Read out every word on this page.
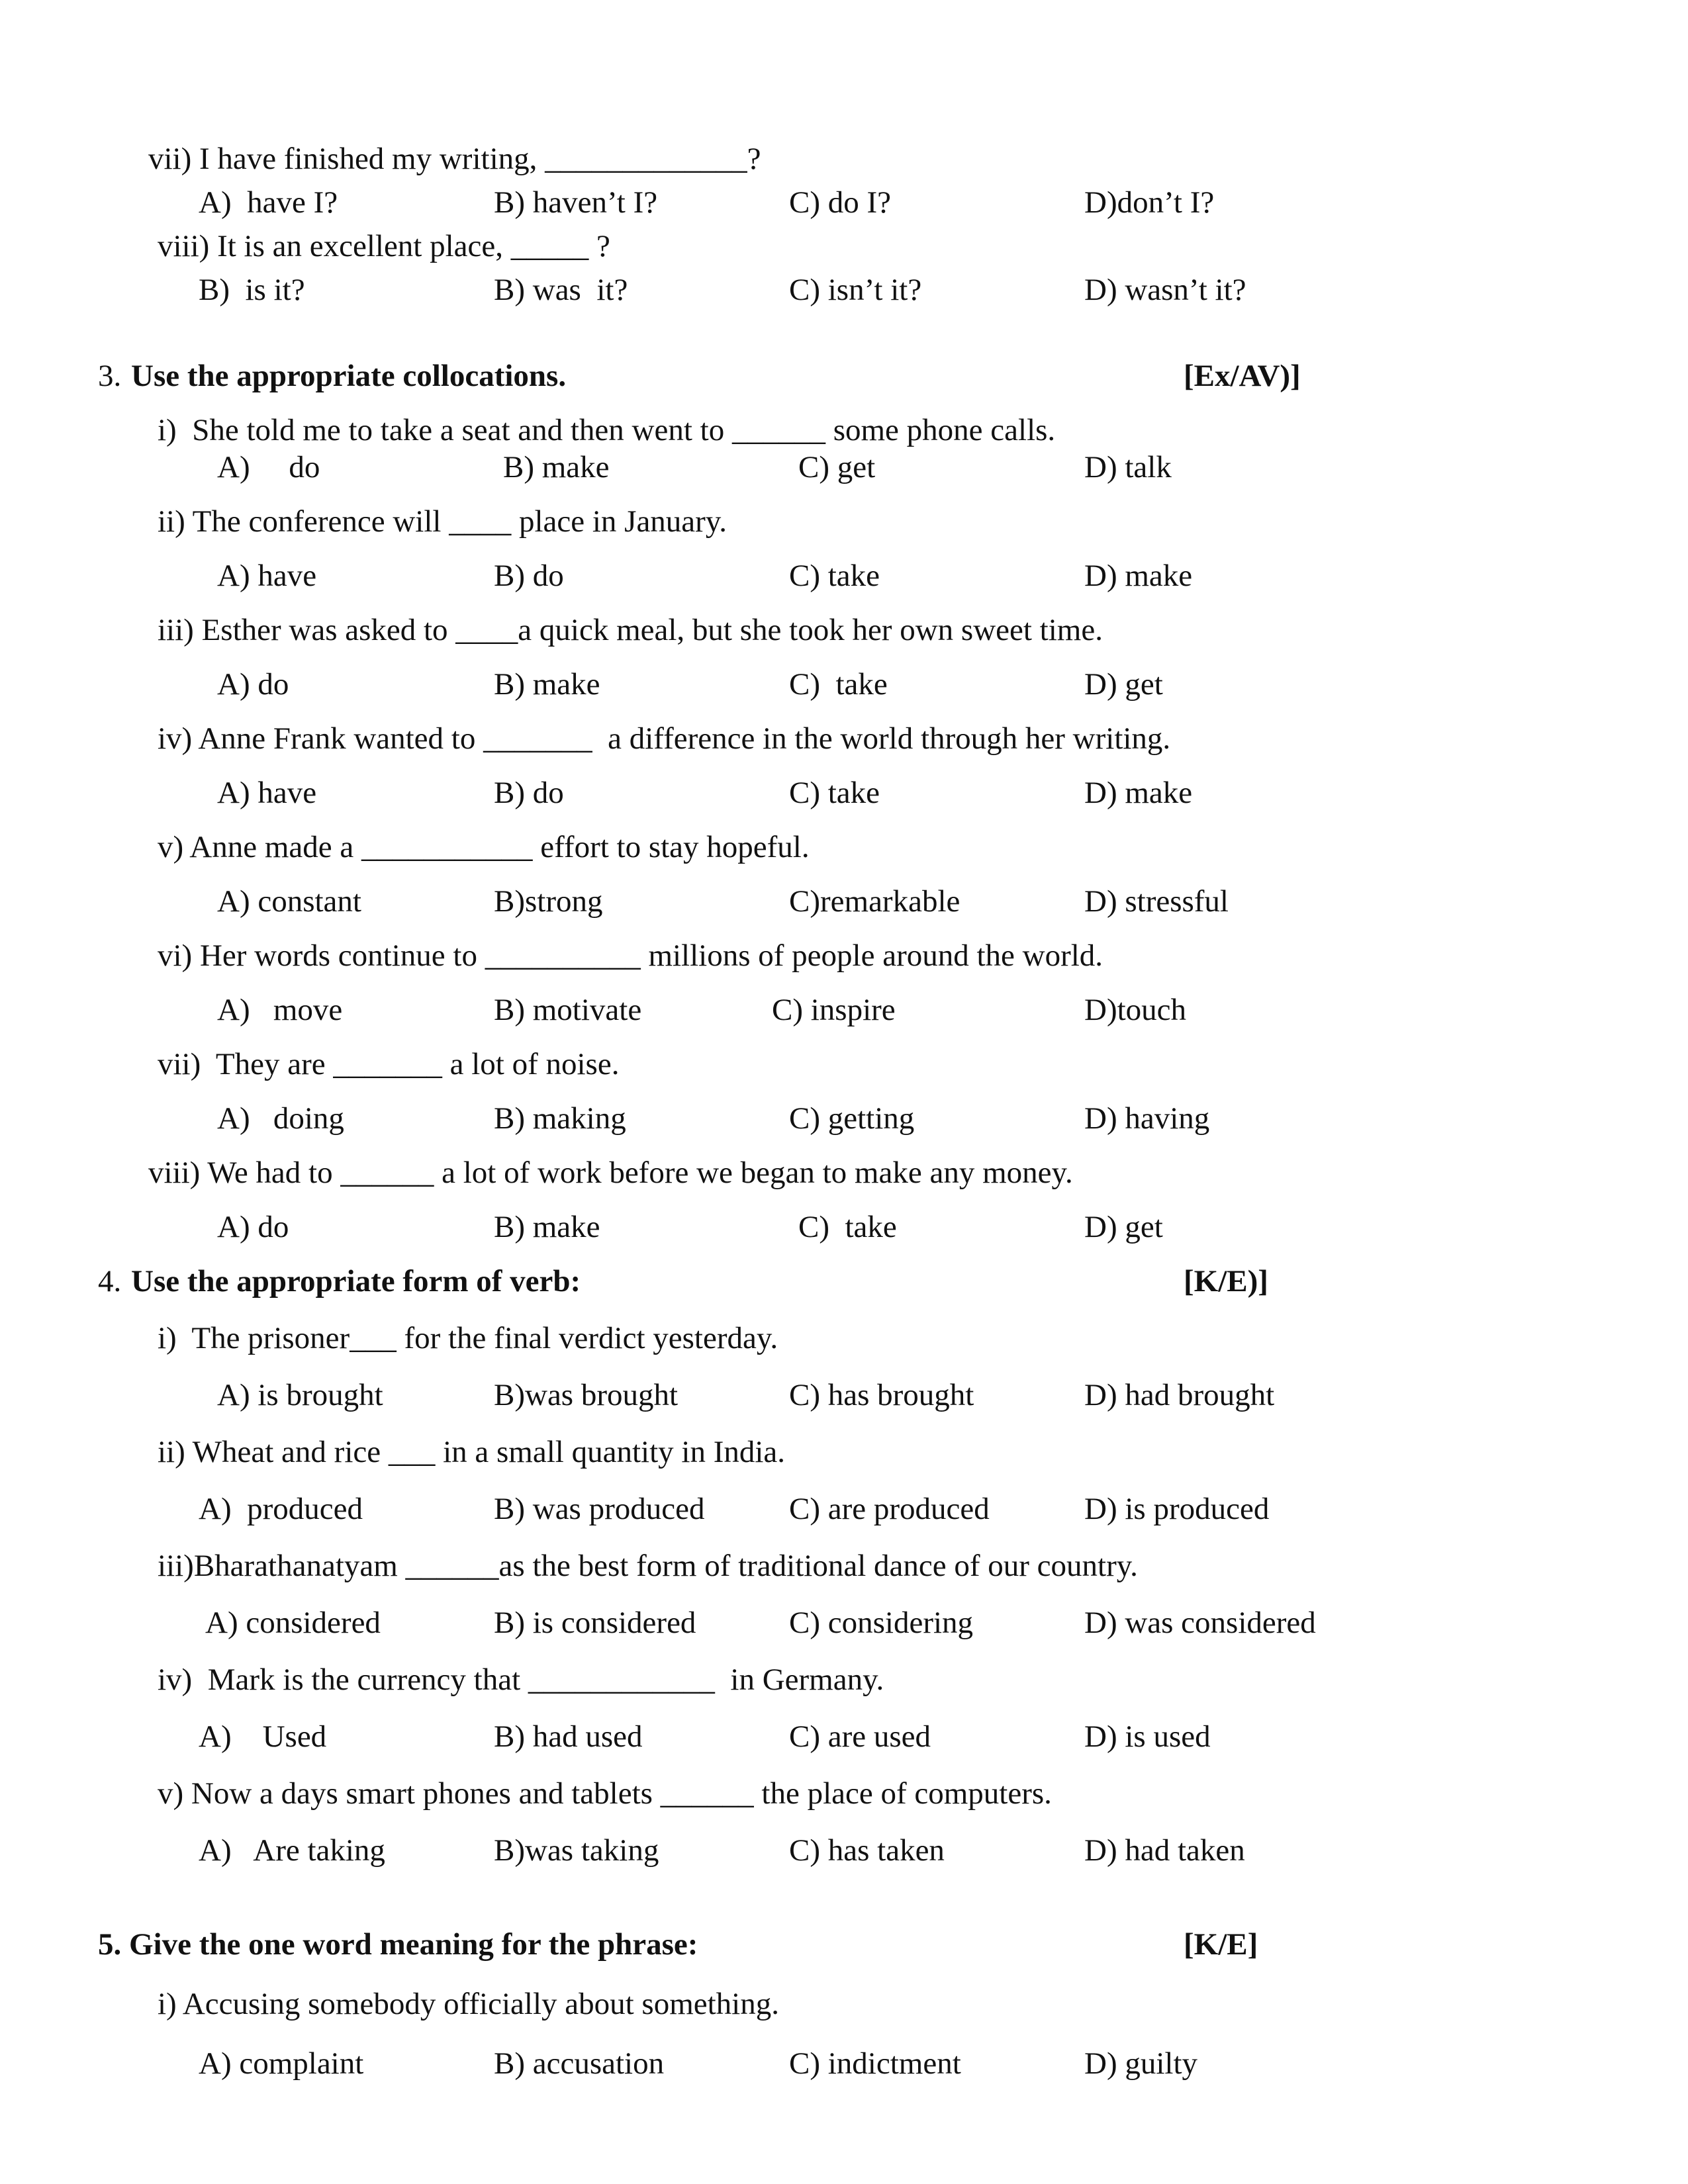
vii) I have finished my writing, _____________?
A)  have I?	B) haven’t I?	C) do I?	D)don’t I?
viii) It is an excellent place, _____ ?
B)  is it?	B) was  it?	C) isn’t it?	D) wasn’t it?
3. Use the appropriate collocations.	[Ex/AV)]
i)  She told me to take a seat and then went to ______ some phone calls.
A)     do	B) make	C) get	D) talk
ii) The conference will ____ place in January.
A) have	B) do	C) take	D) make
iii) Esther was asked to ____a quick meal, but she took her own sweet time.
A) do	B) make	C)  take	D) get
iv) Anne Frank wanted to _______  a difference in the world through her writing.
A) have	B) do	C) take	D) make
v) Anne made a ___________ effort to stay hopeful.
A) constant	B)strong	C)remarkable	D) stressful
vi) Her words continue to __________ millions of people around the world.
A)   move	B) motivate	C) inspire	D)touch
vii)  They are _______ a lot of noise.
A)   doing	B) making	C) getting	D) having
viii) We had to ______ a lot of work before we began to make any money.
A) do	B) make	C)  take	D) get
4. Use the appropriate form of verb:	[K/E)]
i)  The prisoner___ for the final verdict yesterday.
A) is brought	B)was brought	C) has brought	D) had brought
ii) Wheat and rice ___ in a small quantity in India.
A)  produced	B) was produced	C) are produced	D) is produced
iii)Bharathanatyam ______as the best form of traditional dance of our country.
A) considered	B) is considered	C) considering	D) was considered
iv)  Mark is the currency that ____________  in Germany.
A)    Used	B) had used	C) are used	D) is used
v) Now a days smart phones and tablets ______ the place of computers.
A)   Are taking	B)was taking	C) has taken	D) had taken
5. Give the one word meaning for the phrase:	[K/E]
i) Accusing somebody officially about something.
A) complaint	B) accusation	C) indictment	D) guilty
